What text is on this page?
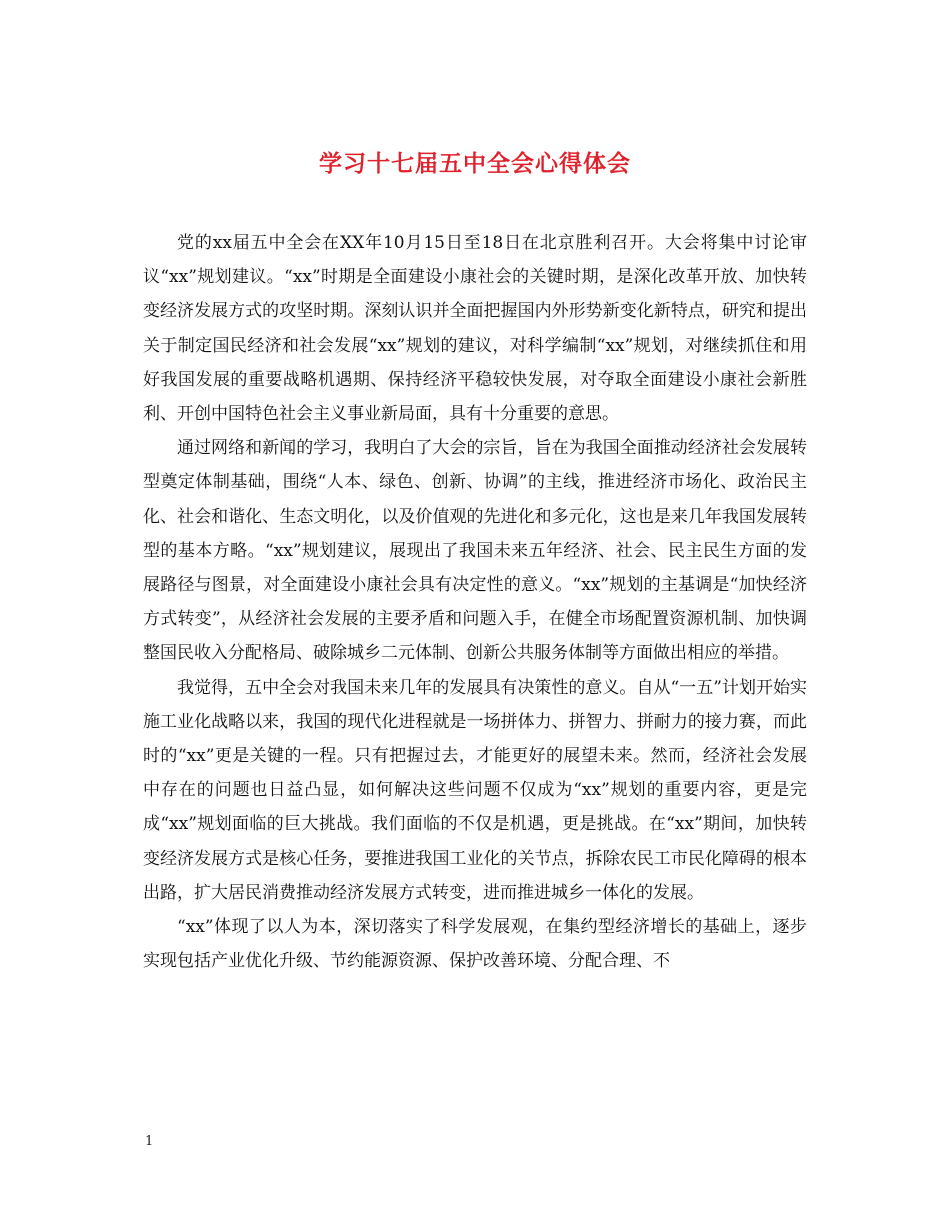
学习十七届五中全会心得体会

党的xx届五中全会在XX年10月15日至18日在北京胜利召开。大会将集中讨论审议“xx”规划建议。“xx”时期是全面建设小康社会的关键时期，是深化改革开放、加快转变经济发展方式的攻坚时期。深刻认识并全面把握国内外形势新变化新特点，研究和提出关于制定国民经济和社会发展“xx”规划的建议，对科学编制“xx”规划，对继续抓住和用好我国发展的重要战略机遇期、保持经济平稳较快发展，对夺取全面建设小康社会新胜利、开创中国特色社会主义事业新局面，具有十分重要的意思。

通过网络和新闻的学习，我明白了大会的宗旨，旨在为我国全面推动经济社会发展转型奠定体制基础，围绕“人本、绿色、创新、协调”的主线，推进经济市场化、政治民主化、社会和谐化、生态文明化，以及价值观的先进化和多元化，这也是来几年我国发展转型的基本方略。“xx”规划建议，展现出了我国未来五年经济、社会、民主民生方面的发展路径与图景，对全面建设小康社会具有决定性的意义。“xx”规划的主基调是“加快经济方式转变”，从经济社会发展的主要矛盾和问题入手，在健全市场配置资源机制、加快调整国民收入分配格局、破除城乡二元体制、创新公共服务体制等方面做出相应的举措。

我觉得，五中全会对我国未来几年的发展具有决策性的意义。自从“一五”计划开始实施工业化战略以来，我国的现代化进程就是一场拼体力、拼智力、拼耐力的接力赛，而此时的“xx”更是关键的一程。只有把握过去，才能更好的展望未来。然而，经济社会发展中存在的问题也日益凸显，如何解决这些问题不仅成为“xx”规划的重要内容，更是完成“xx”规划面临的巨大挑战。我们面临的不仅是机遇，更是挑战。在“xx”期间，加快转变经济发展方式是核心任务，要推进我国工业化的关节点，拆除农民工市民化障碍的根本出路，扩大居民消费推动经济发展方式转变，进而推进城乡一体化的发展。

“xx”体现了以人为本，深切落实了科学发展观，在集约型经济增长的基础上，逐步实现包括产业优化升级、节约能源资源、保护改善环境、分配合理、不

1
